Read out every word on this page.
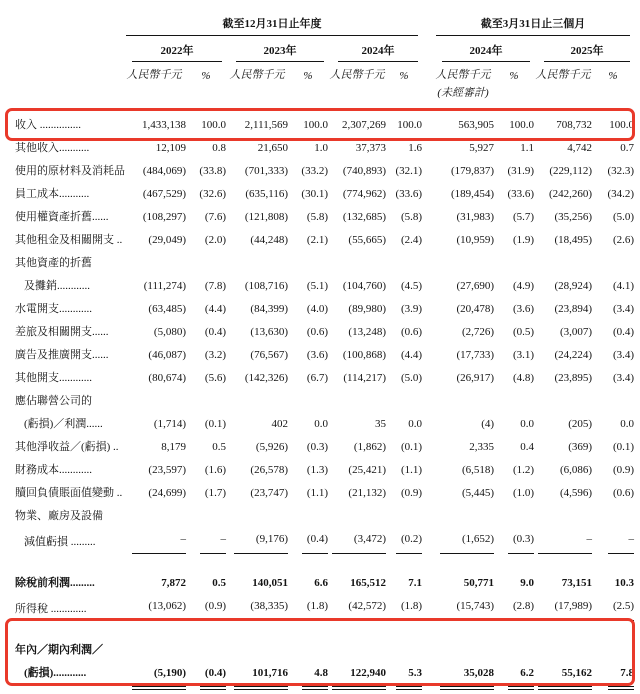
	截至12月31日止年度							截至3月31日止三個月			

	2022年		2023年		2024年			2024年		2025年	

	人民幣千元	%	人民幣千元	%	人民幣千元	%		人民幣千元	%	人民幣千元	%
								(未經審計)			

收入 ...............	1,433,138	100.0	2,111,569	100.0	2,307,269	100.0		563,905	100.0	708,732	100.0
其他收入...........	12,109	0.8	21,650	1.0	37,373	1.6		5,927	1.1	4,742	0.7
使用的原材料及消耗品	(484,069)	(33.8)	(701,333)	(33.2)	(740,893)	(32.1)		(179,837)	(31.9)	(229,112)	(32.3)
員工成本...........	(467,529)	(32.6)	(635,116)	(30.1)	(774,962)	(33.6)		(189,454)	(33.6)	(242,260)	(34.2)
使用權資產折舊......	(108,297)	(7.6)	(121,808)	(5.8)	(132,685)	(5.8)		(31,983)	(5.7)	(35,256)	(5.0)
其他租金及相關開支 ..	(29,049)	(2.0)	(44,248)	(2.1)	(55,665)	(2.4)		(10,959)	(1.9)	(18,495)	(2.6)
其他資產的折舊											
及攤銷............	(111,274)	(7.8)	(108,716)	(5.1)	(104,760)	(4.5)		(27,690)	(4.9)	(28,924)	(4.1)
水電開支............	(63,485)	(4.4)	(84,399)	(4.0)	(89,980)	(3.9)		(20,478)	(3.6)	(23,894)	(3.4)
差旅及相關開支......	(5,080)	(0.4)	(13,630)	(0.6)	(13,248)	(0.6)		(2,726)	(0.5)	(3,007)	(0.4)
廣告及推廣開支......	(46,087)	(3.2)	(76,567)	(3.6)	(100,868)	(4.4)		(17,733)	(3.1)	(24,224)	(3.4)
其他開支............	(80,674)	(5.6)	(142,326)	(6.7)	(114,217)	(5.0)		(26,917)	(4.8)	(23,895)	(3.4)
應佔聯營公司的											
(虧損)／利潤......	(1,714)	(0.1)	402	0.0	35	0.0		(4)	0.0	(205)	0.0
其他淨收益／(虧損) ..	8,179	0.5	(5,926)	(0.3)	(1,862)	(0.1)		2,335	0.4	(369)	(0.1)
財務成本............	(23,597)	(1.6)	(26,578)	(1.3)	(25,421)	(1.1)		(6,518)	(1.2)	(6,086)	(0.9)
贖回負債賬面值變動 ..	(24,699)	(1.7)	(23,747)	(1.1)	(21,132)	(0.9)		(5,445)	(1.0)	(4,596)	(0.6)
物業、廠房及設備											
減值虧損 .........	–	–	(9,176)	(0.4)	(3,472)	(0.2)		(1,652)	(0.3)	–	–
除稅前利潤.........	7,872	0.5	140,051	6.6	165,512	7.1		50,771	9.0	73,151	10.3
所得稅 .............	(13,062)	(0.9)	(38,335)	(1.8)	(42,572)	(1.8)		(15,743)	(2.8)	(17,989)	(2.5)
年內／期內利潤／											
(虧損)............	(5,190)	(0.4)	101,716	4.8	122,940	5.3		35,028	6.2	55,162	7.8
